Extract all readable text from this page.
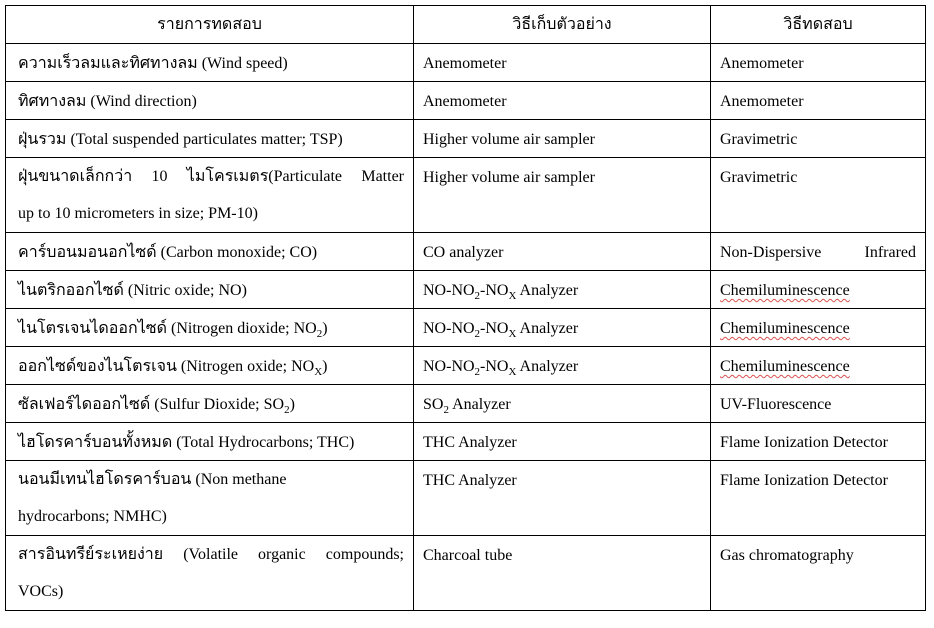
รายการทดสอบ	วิธีเก็บตัวอย่าง	วิธีทดสอบ
ความเร็วลมและทิศทางลม (Wind speed)	Anemometer	Anemometer
ทิศทางลม (Wind direction)	Anemometer	Anemometer
ฝุ่นรวม (Total suspended particulates matter; TSP)	Higher volume air sampler	Gravimetric

ฝุ่นขนาดเล็กกว่า 10 ไมโครเมตร(Particulate Matter
up to 10 micrometers in size; PM-10)	Higher volume air sampler	Gravimetric
คาร์บอนมอนอกไซด์ (Carbon monoxide; CO)	CO analyzer	Non-Dispersive Infrared
ไนตริกออกไซด์ (Nitric oxide; NO)	$NO-NO_2-NO_X$ Analyzer	Chemiluminescence
ไนโตรเจนไดออกไซด์ (Nitrogen dioxide; $NO_2$)	$NO-NO_2-NO_X$ Analyzer	Chemiluminescence
ออกไซด์ของไนโตรเจน (Nitrogen oxide; $NO_X$)	$NO-NO_2-NO_X$ Analyzer	Chemiluminescence
ซัลเฟอร์ไดออกไซด์ (Sulfur Dioxide; $SO_2$)	$SO_2$ Analyzer	UV-Fluorescence
ไฮโดรคาร์บอนทั้งหมด (Total Hydrocarbons; THC)	THC Analyzer	Flame Ionization Detector

นอนมีเทนไฮโดรคาร์บอน (Non methane
hydrocarbons; NMHC)	THC Analyzer	Flame Ionization Detector

สารอินทรีย์ระเหยง่าย (Volatile organic compounds;
VOCs)	Charcoal tube	Gas chromatography
